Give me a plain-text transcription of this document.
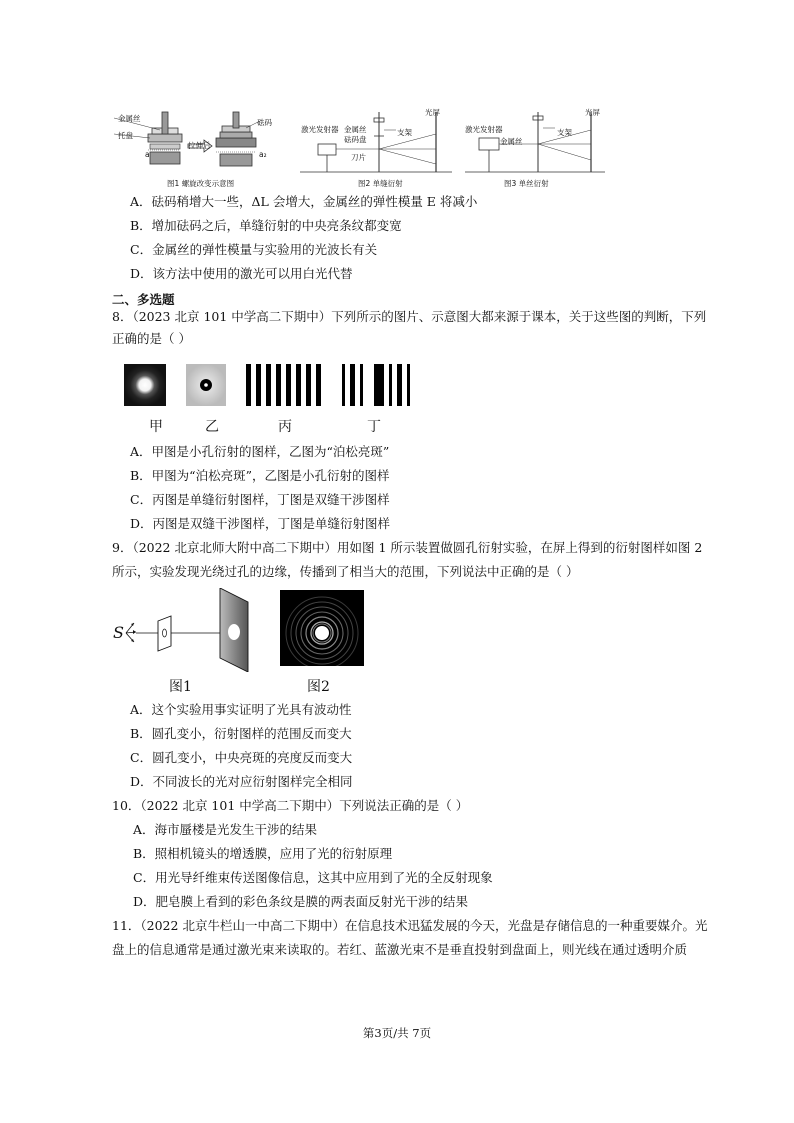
金属丝
托盘
砝码
拉伸后
a	a₂
图1 螺旋改变示意图
光屏
激光发射器 金属丝
砝码盘
支架
刀片
图2 单缝衍射
光屏
激光发射器
金属丝
支架
图3 单丝衍射
A．砝码稍增大一些，ΔL 会增大，金属丝的弹性模量 E 将减小
B．增加砝码之后，单缝衍射的中央亮条纹都变宽
C．金属丝的弹性模量与实验用的光波长有关
D．该方法中使用的激光可以用白光代替
二、多选题
8．（2023 北京 101 中学高二下期中）下列所示的图片、示意图大都来源于课本，关于这些图的判断，下列
正确的是（ ）
甲	乙	丙	丁
A．甲图是小孔衍射的图样，乙图为“泊松亮斑”
B．甲图为“泊松亮斑”，乙图是小孔衍射的图样
C．丙图是单缝衍射图样，丁图是双缝干涉图样
D．丙图是双缝干涉图样，丁图是单缝衍射图样
9．（2022 北京北师大附中高二下期中）用如图 1 所示装置做圆孔衍射实验，在屏上得到的衍射图样如图 2
所示，实验发现光绕过孔的边缘，传播到了相当大的范围，下列说法中正确的是（ ）
S
图1	图2
A．这个实验用事实证明了光具有波动性
B．圆孔变小，衍射图样的范围反而变大
C．圆孔变小，中央亮斑的亮度反而变大
D．不同波长的光对应衍射图样完全相同
10．（2022 北京 101 中学高二下期中）下列说法正确的是（ ）
A．海市蜃楼是光发生干涉的结果
B．照相机镜头的增透膜，应用了光的衍射原理
C．用光导纤维束传送图像信息，这其中应用到了光的全反射现象
D．肥皂膜上看到的彩色条纹是膜的两表面反射光干涉的结果
11．（2022 北京牛栏山一中高二下期中）在信息技术迅猛发展的今天，光盘是存储信息的一种重要媒介。光
盘上的信息通常是通过激光束来读取的。若红、蓝激光束不是垂直投射到盘面上，则光线在通过透明介质
第3页/共 7页
